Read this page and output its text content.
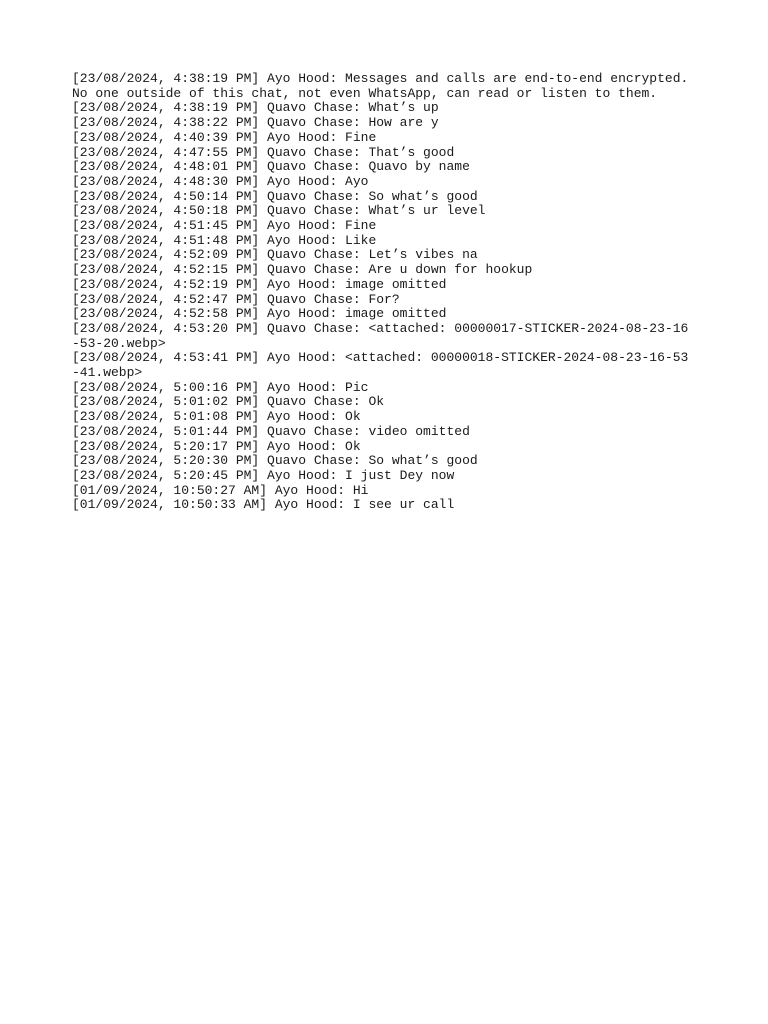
[23/08/2024, 4:38:19 PM] Ayo Hood: Messages and calls are end-to-end encrypted. No one outside of this chat, not even WhatsApp, can read or listen to them.

[23/08/2024, 4:38:19 PM] Quavo Chase: What’s up

[23/08/2024, 4:38:22 PM] Quavo Chase: How are y

[23/08/2024, 4:40:39 PM] Ayo Hood: Fine

[23/08/2024, 4:47:55 PM] Quavo Chase: That’s good

[23/08/2024, 4:48:01 PM] Quavo Chase: Quavo by name

[23/08/2024, 4:48:30 PM] Ayo Hood: Ayo

[23/08/2024, 4:50:14 PM] Quavo Chase: So what’s good

[23/08/2024, 4:50:18 PM] Quavo Chase: What’s ur level

[23/08/2024, 4:51:45 PM] Ayo Hood: Fine

[23/08/2024, 4:51:48 PM] Ayo Hood: Like

[23/08/2024, 4:52:09 PM] Quavo Chase: Let’s vibes na

[23/08/2024, 4:52:15 PM] Quavo Chase: Are u down for hookup

[23/08/2024, 4:52:19 PM] Ayo Hood: image omitted

[23/08/2024, 4:52:47 PM] Quavo Chase: For?

[23/08/2024, 4:52:58 PM] Ayo Hood: image omitted

[23/08/2024, 4:53:20 PM] Quavo Chase: <attached: 00000017-STICKER-2024-08-23-16-53-20.webp>

[23/08/2024, 4:53:41 PM] Ayo Hood: <attached: 00000018-STICKER-2024-08-23-16-53-41.webp>

[23/08/2024, 5:00:16 PM] Ayo Hood: Pic

[23/08/2024, 5:01:02 PM] Quavo Chase: Ok

[23/08/2024, 5:01:08 PM] Ayo Hood: Ok

[23/08/2024, 5:01:44 PM] Quavo Chase: video omitted

[23/08/2024, 5:20:17 PM] Ayo Hood: Ok

[23/08/2024, 5:20:30 PM] Quavo Chase: So what’s good

[23/08/2024, 5:20:45 PM] Ayo Hood: I just Dey now

[01/09/2024, 10:50:27 AM] Ayo Hood: Hi

[01/09/2024, 10:50:33 AM] Ayo Hood: I see ur call
